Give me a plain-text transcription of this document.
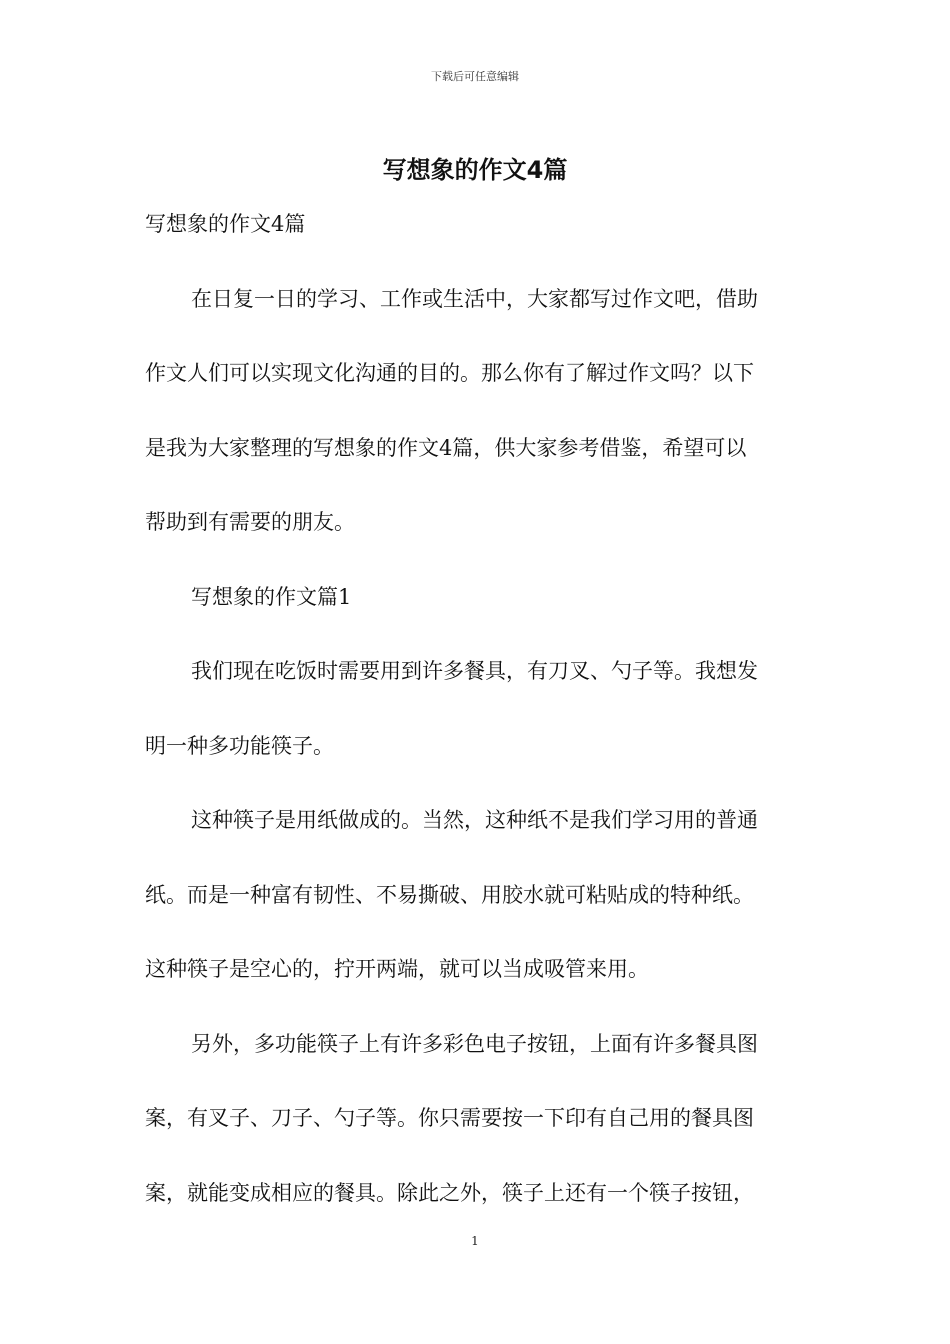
下载后可任意编辑
写想象的作文4篇
写想象的作文4篇
在日复一日的学习、工作或生活中，大家都写过作文吧，借助
作文人们可以实现文化沟通的目的。那么你有了解过作文吗？以下
是我为大家整理的写想象的作文4篇，供大家参考借鉴，希望可以
帮助到有需要的朋友。
写想象的作文篇1
我们现在吃饭时需要用到许多餐具，有刀叉、勺子等。我想发
明一种多功能筷子。
这种筷子是用纸做成的。当然，这种纸不是我们学习用的普通
纸。而是一种富有韧性、不易撕破、用胶水就可粘贴成的特种纸。
这种筷子是空心的，拧开两端，就可以当成吸管来用。
另外，多功能筷子上有许多彩色电子按钮，上面有许多餐具图
案，有叉子、刀子、勺子等。你只需要按一下印有自己用的餐具图
案，就能变成相应的餐具。除此之外，筷子上还有一个筷子按钮，
1
